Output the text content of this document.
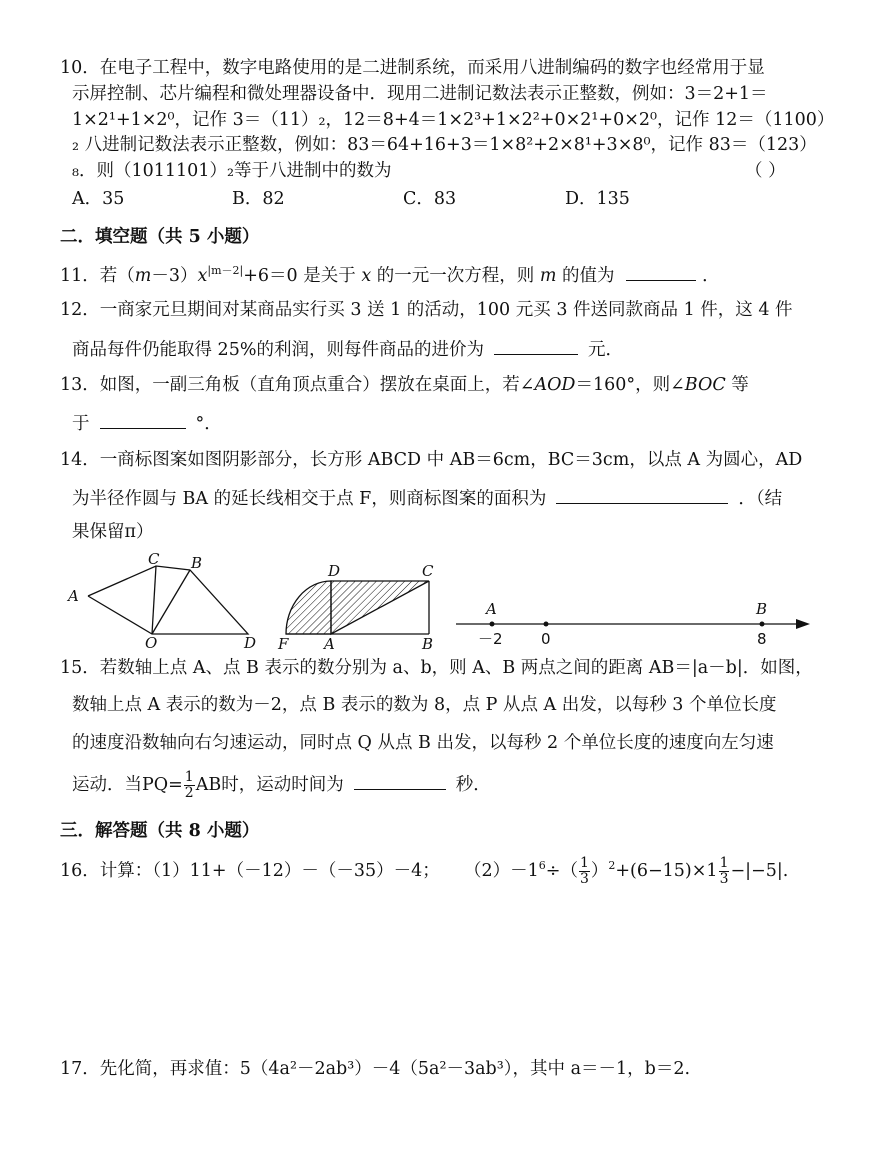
10．在电子工程中，数字电路使用的是二进制系统，而采用八进制编码的数字也经常用于显
示屏控制、芯片编程和微处理器设备中．现用二进制记数法表示正整数，例如：3＝2+1＝
1×2¹+1×2⁰，记作 3＝（11）₂，12＝8+4＝1×2³+1×2²+0×2¹+0×2⁰，记作 12＝（1100）
₂ 八进制记数法表示正整数，例如：83＝64+16+3＝1×8²+2×8¹+3×8⁰，记作 83＝（123）
₈．则（1011101）₂等于八进制中的数为	（ ）
A．35	B．82	C．83	D．135
二．填空题（共 5 小题）
11．若$(m-3)x^{|m-2|}+6=0$ 是关于 x 的一元一次方程，则 m 的值为	．
12．一商家元旦期间对某商品实行买 3 送 1 的活动，100 元买 3 件送同款商品 1 件，这 4 件
商品每件仍能取得 25%的利润，则每件商品的进价为	元．
13．如图，一副三角板（直角顶点重合）摆放在桌面上，若∠AOD＝160°，则∠BOC 等
于	°．
14．一商标图案如图阴影部分，长方形 ABCD 中 AB＝6cm，BC＝3cm，以点 A 为圆心，AD
为半径作圆与 BA 的延长线相交于点 F，则商标图案的面积为	．（结
果保留π）
A
C B
O	D
D	C
F A	B
A	B
－2	0	8
15．若数轴上点 A、点 B 表示的数分别为 a、b，则 A、B 两点之间的距离 AB＝|a－b|．如图，
数轴上点 A 表示的数为－2，点 B 表示的数为 8，点 P 从点 A 出发，以每秒 3 个单位长度
的速度沿数轴向右匀速运动，同时点 Q 从点 B 出发，以每秒 2 个单位长度的速度向左匀速
运动．当$PQ= \frac{1}{2}$ AB时，运动时间为	秒．
三．解答题（共 8 小题）
16．计算：（1）11+（－12）－（－35）－4； $(2)-1^6\div( \frac{1}{3} )^2+(6-15)\times 1 \frac{1}{3} -|-5|$.
17．先化简，再求值：5（4a²－2ab³）－4（5a²－3ab³），其中 a＝－1，b＝2.
